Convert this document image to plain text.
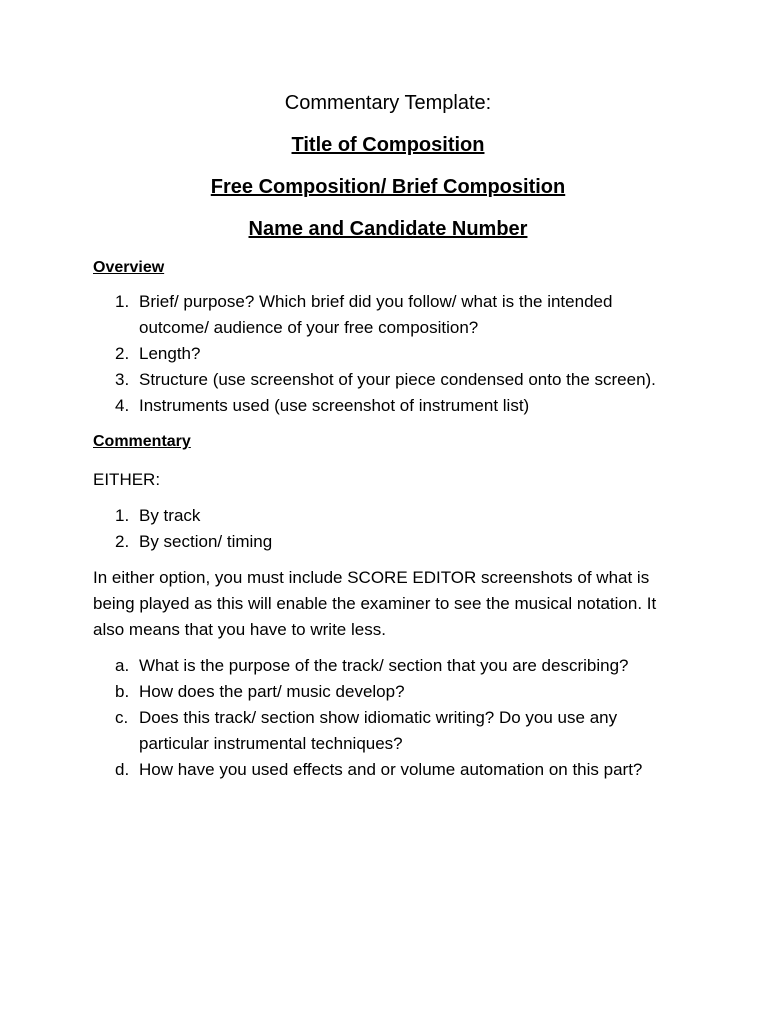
Commentary Template:

Title of Composition

Free Composition/ Brief Composition

Name and Candidate Number

Overview

1. Brief/ purpose? Which brief did you follow/ what is the intended outcome/ audience of your free composition?
2. Length?
3. Structure (use screenshot of your piece condensed onto the screen).
4. Instruments used (use screenshot of instrument list)

Commentary

EITHER:

1. By track
2. By section/ timing

In either option, you must include SCORE EDITOR screenshots of what is being played as this will enable the examiner to see the musical notation. It also means that you have to write less.

a. What is the purpose of the track/ section that you are describing?
b. How does the part/ music develop?
c. Does this track/ section show idiomatic writing? Do you use any particular instrumental techniques?
d. How have you used effects and or volume automation on this part?
